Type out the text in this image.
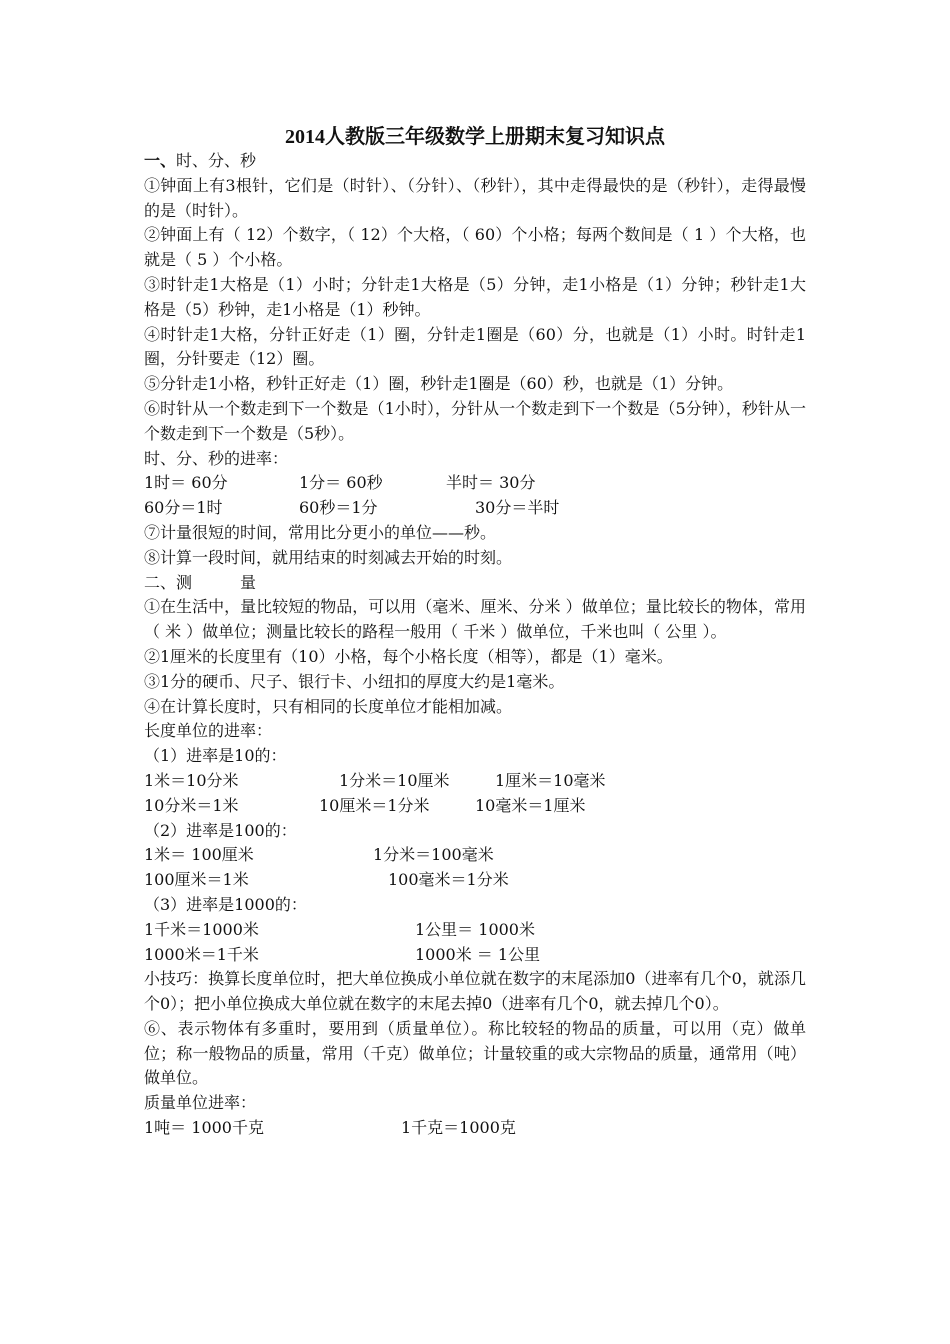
2014人教版三年级数学上册期末复习知识点

一、时、分、秒

①钟面上有3根针，它们是（时针）、（分针）、（秒针），其中走得最快的是（秒针），走得最慢的是（时针）。

②钟面上有（ 12）个数字，（ 12）个大格，（ 60）个小格；每两个数间是（ 1 ）个大格，也就是（ 5 ）个小格。

③时针走1大格是（1）小时；分针走1大格是（5）分钟，走1小格是（1）分钟；秒针走1大格是（5）秒钟，走1小格是（1）秒钟。

④时针走1大格，分针正好走（1）圈，分针走1圈是（60）分，也就是（1）小时。时针走1圈，分针要走（12）圈。

⑤分针走1小格，秒针正好走（1）圈，秒针走1圈是（60）秒，也就是（1）分钟。

⑥时针从一个数走到下一个数是（1小时），分针从一个数走到下一个数是（5分钟），秒针从一个数走到下一个数是（5秒）。

时、分、秒的进率：

1时＝ 60分	1分＝ 60秒	半时＝ 30分
60分＝1时	60秒＝1分	30分＝半时

⑦计量很短的时间，常用比分更小的单位——秒。

⑧计算一段时间，就用结束的时刻减去开始的时刻。

二、测　　　量

①在生活中，量比较短的物品，可以用（毫米、厘米、分米 ）做单位；量比较长的物体，常用（ 米 ）做单位；测量比较长的路程一般用（ 千米 ）做单位，千米也叫（ 公里 ）。

②1厘米的长度里有（10）小格，每个小格长度（相等），都是（1）毫米。

③1分的硬币、尺子、银行卡、小纽扣的厚度大约是1毫米。

④在计算长度时，只有相同的长度单位才能相加减。

长度单位的进率：

（1）进率是10的：

1米＝10分米	1分米＝10厘米	1厘米＝10毫米
10分米＝1米	10厘米＝1分米	10毫米＝1厘米

（2）进率是100的：

1米＝ 100厘米	1分米＝100毫米
100厘米＝1米	100毫米＝1分米

（3）进率是1000的：

1千米＝1000米	1公里＝ 1000米
1000米＝1千米	1000米 ＝ 1公里

小技巧：换算长度单位时，把大单位换成小单位就在数字的末尾添加0（进率有几个0，就添几个0）；把小单位换成大单位就在数字的末尾去掉0（进率有几个0，就去掉几个0）。

⑥、表示物体有多重时，要用到（质量单位）。称比较轻的物品的质量，可以用（克）做单位；称一般物品的质量，常用（千克）做单位；计量较重的或大宗物品的质量，通常用（吨）做单位。

质量单位进率：

1吨＝ 1000千克	1千克＝1000克
